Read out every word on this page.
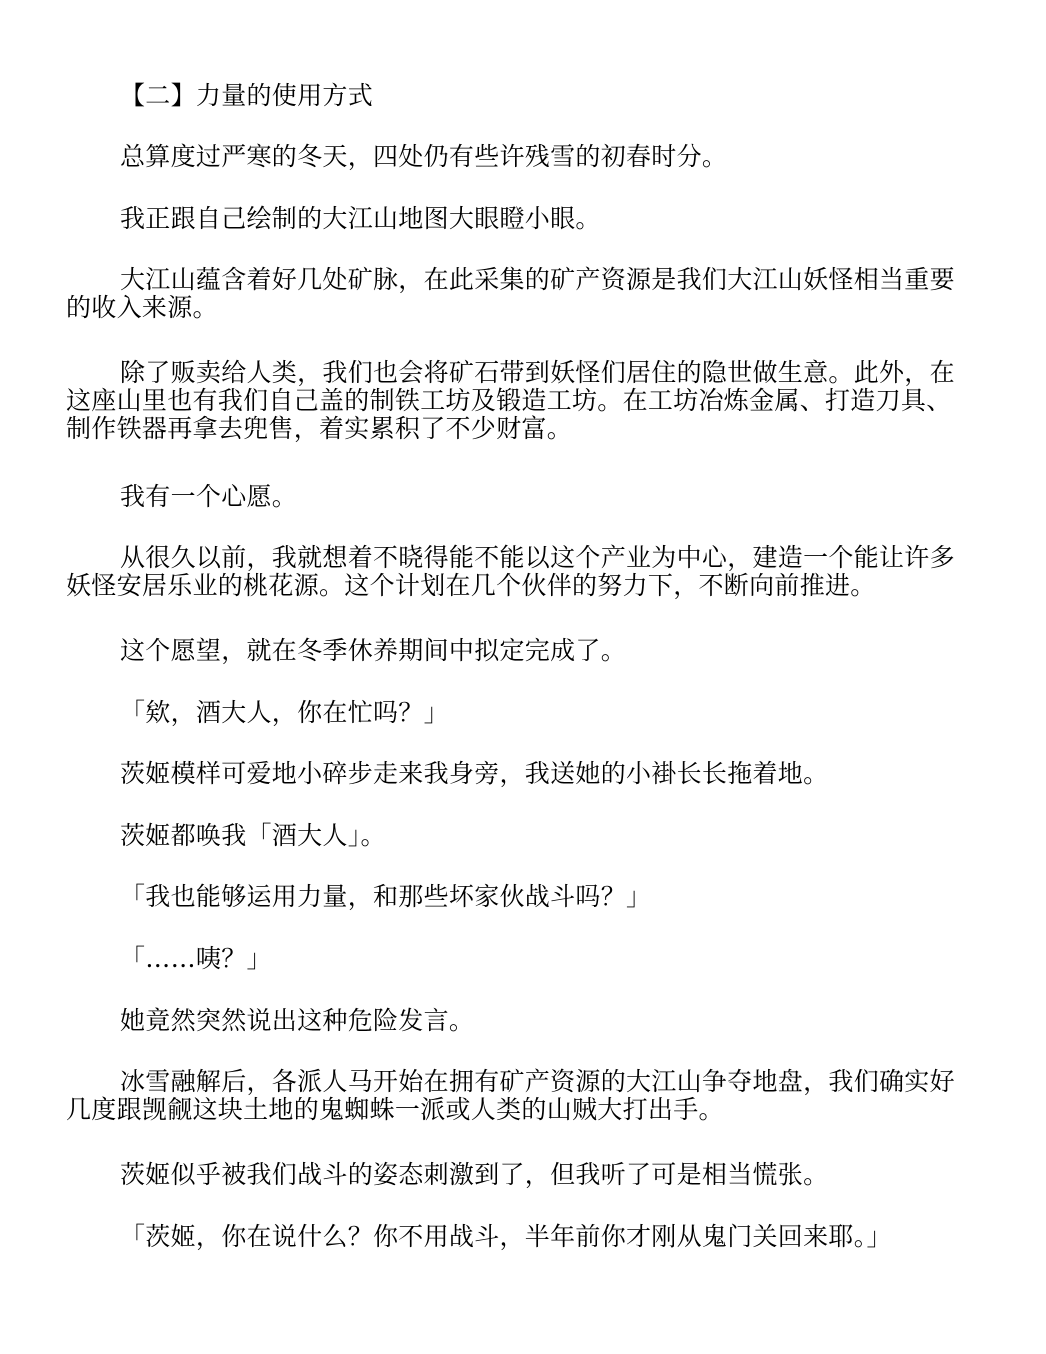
【二】力量的使用方式

总算度过严寒的冬天，四处仍有些许残雪的初春时分。

我正跟自己绘制的大江山地图大眼瞪小眼。

大江山蕴含着好几处矿脉，在此采集的矿产资源是我们大江山妖怪相当重要的收入来源。

除了贩卖给人类，我们也会将矿石带到妖怪们居住的隐世做生意。此外，在这座山里也有我们自己盖的制铁工坊及锻造工坊。在工坊冶炼金属、打造刀具、制作铁器再拿去兜售，着实累积了不少财富。

我有一个心愿。

从很久以前，我就想着不晓得能不能以这个产业为中心，建造一个能让许多妖怪安居乐业的桃花源。这个计划在几个伙伴的努力下，不断向前推进。

这个愿望，就在冬季休养期间中拟定完成了。

「欸，酒大人，你在忙吗？」

茨姬模样可爱地小碎步走来我身旁，我送她的小褂长长拖着地。

茨姬都唤我「酒大人」。

「我也能够运用力量，和那些坏家伙战斗吗？」

「……咦？」

她竟然突然说出这种危险发言。

冰雪融解后，各派人马开始在拥有矿产资源的大江山争夺地盘，我们确实好几度跟觊觎这块土地的鬼蜘蛛一派或人类的山贼大打出手。

茨姬似乎被我们战斗的姿态刺激到了，但我听了可是相当慌张。

「茨姬，你在说什么？你不用战斗，半年前你才刚从鬼门关回来耶。」
